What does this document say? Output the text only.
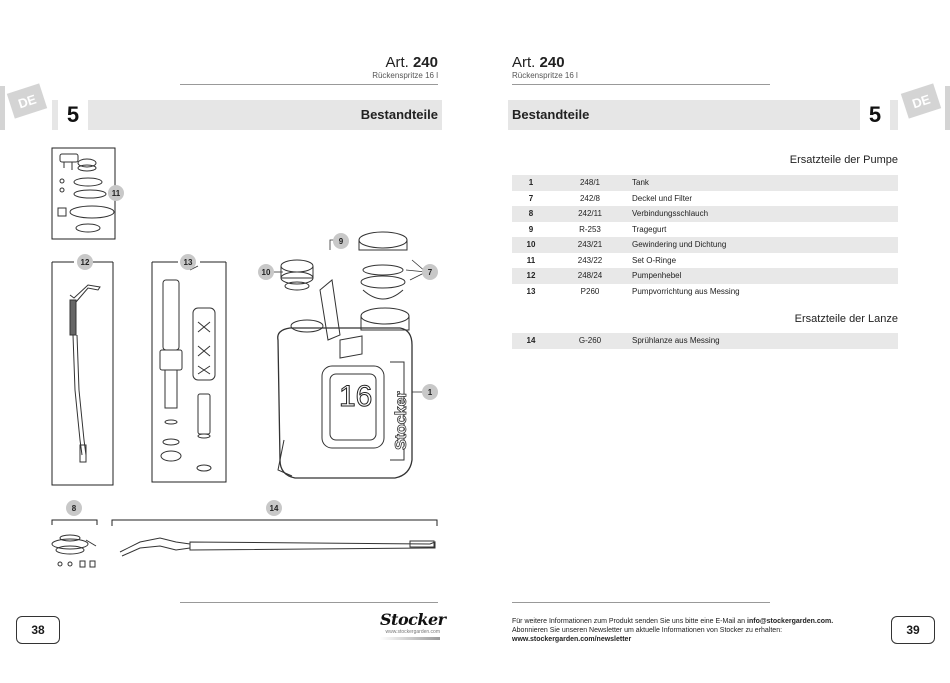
DE	DE
Art. 240
Rückenspritze 16 l
Art. 240
Rückenspritze 16 l
5	Bestandteile	5
Bestandteile
16 Stocker
11
12	13
10
9
7
1
8	14
Ersatzteile der Pumpe
1	248/1	Tank
7	242/8	Deckel und Filter
8	242/11	Verbindungsschlauch
9	R-253	Tragegurt
10	243/21	Gewindering und Dichtung
11	243/22	Set O-Ringe
12	248/24	Pumpenhebel
13	P260	Pumpvorrichtung aus Messing
Ersatzteile der Lanze
14	G-260	Sprühlanze aus Messing
38	39
Stocker
www.stockergarden.com
Für weitere Informationen zum Produkt senden Sie uns bitte eine E-Mail an info@stockergarden.com.
Abonnieren Sie unseren Newsletter um aktuelle Informationen von Stocker zu erhalten:
www.stockergarden.com/newsletter
